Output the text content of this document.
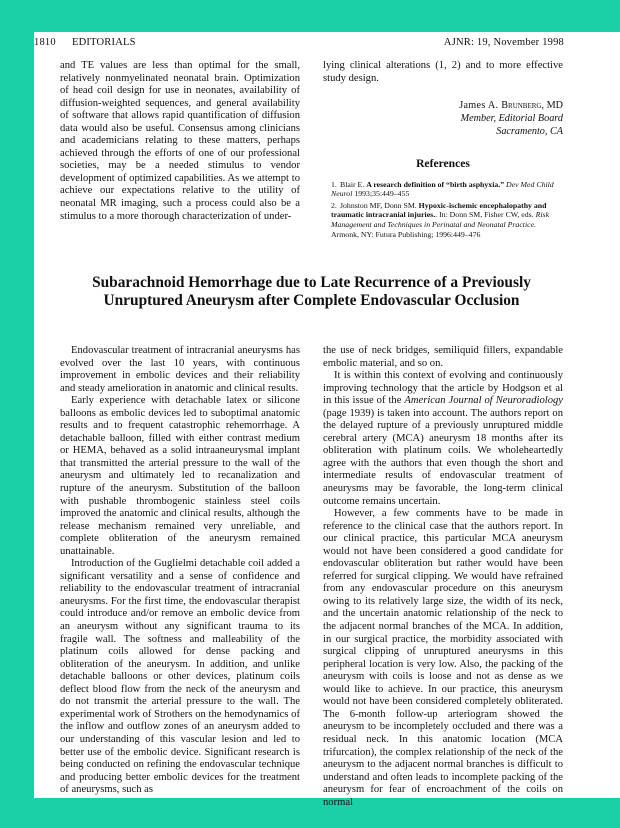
1810 EDITORIALS	AJNR: 19, November 1998

and TE values are less than optimal for the small, relatively nonmyelinated neonatal brain. Optimization of head coil design for use in neonates, availability of diffusion-weighted sequences, and general availability of software that allows rapid quantification of diffusion data would also be useful. Consensus among clinicians and academicians relating to these matters, perhaps achieved through the efforts of one of our professional societies, may be a needed stimulus to vendor development of optimized capabilities. As we attempt to achieve our expectations relative to the utility of neonatal MR imaging, such a process could also be a stimulus to a more thorough characterization of under-

lying clinical alterations (1, 2) and to more effective study design.

James A. Brunberg, MD
Member, Editorial Board
Sacramento, CA
References
1. Blair E. A research definition of “birth asphyxia.” Dev Med Child Neurol 1993;35:449–455
2. Johnston MF, Donn SM. Hypoxic-ischemic encephalopathy and traumatic intracranial injuries.. In: Donn SM, Fisher CW, eds. Risk Management and Techniques in Perinatal and Neonatal Practice. Armonk, NY: Futura Publishing; 1996:449–476
Subarachnoid Hemorrhage due to Late Recurrence of a Previously Unruptured Aneurysm after Complete Endovascular Occlusion

Endovascular treatment of intracranial aneurysms has evolved over the last 10 years, with continuous improvement in embolic devices and their reliability and steady amelioration in anatomic and clinical results.

Early experience with detachable latex or silicone balloons as embolic devices led to suboptimal anatomic results and to frequent catastrophic rehemorrhage. A detachable balloon, filled with either contrast medium or HEMA, behaved as a solid intraaneurysmal implant that transmitted the arterial pressure to the wall of the aneurysm and ultimately led to recanalization and rupture of the aneurysm. Substitution of the balloon with pushable thrombogenic stainless steel coils improved the anatomic and clinical results, although the release mechanism remained very unreliable, and complete obliteration of the aneurysm remained unattainable.

Introduction of the Guglielmi detachable coil added a significant versatility and a sense of confidence and reliability to the endovascular treatment of intracranial aneurysms. For the first time, the endovascular therapist could introduce and/or remove an embolic device from an aneurysm without any significant trauma to its fragile wall. The softness and malleability of the platinum coils allowed for dense packing and obliteration of the aneurysm. In addition, and unlike detachable balloons or other devices, platinum coils deflect blood flow from the neck of the aneurysm and do not transmit the arterial pressure to the wall. The experimental work of Strothers on the hemodynamics of the inflow and outflow zones of an aneurysm added to our understanding of this vascular lesion and led to better use of the embolic device. Significant research is being conducted on refining the endovascular technique and producing better embolic devices for the treatment of aneurysms, such as

the use of neck bridges, semiliquid fillers, expandable embolic material, and so on.

It is within this context of evolving and continuously improving technology that the article by Hodgson et al in this issue of the American Journal of Neuroradiology (page 1939) is taken into account. The authors report on the delayed rupture of a previously unruptured middle cerebral artery (MCA) aneurysm 18 months after its obliteration with platinum coils. We wholeheartedly agree with the authors that even though the short and intermediate results of endovascular treatment of aneurysms may be favorable, the long-term clinical outcome remains uncertain.

However, a few comments have to be made in reference to the clinical case that the authors report. In our clinical practice, this particular MCA aneurysm would not have been considered a good candidate for endovascular obliteration but rather would have been referred for surgical clipping. We would have refrained from any endovascular procedure on this aneurysm owing to its relatively large size, the width of its neck, and the uncertain anatomic relationship of the neck to the adjacent normal branches of the MCA. In addition, in our surgical practice, the morbidity associated with surgical clipping of unruptured aneurysms in this peripheral location is very low. Also, the packing of the aneurysm with coils is loose and not as dense as we would like to achieve. In our practice, this aneurysm would not have been considered completely obliterated. The 6-month follow-up arteriogram showed the aneurysm to be incompletely occluded and there was a residual neck. In this anatomic location (MCA trifurcation), the complex relationship of the neck of the aneurysm to the adjacent normal branches is difficult to understand and often leads to incomplete packing of the aneurysm for fear of encroachment of the coils on normal
